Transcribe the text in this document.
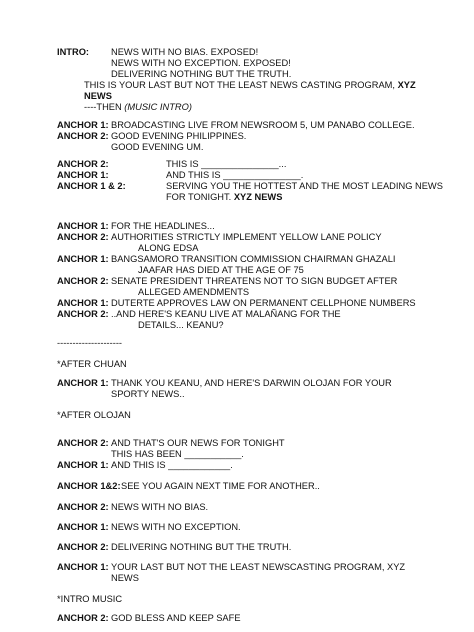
INTRO: NEWS WITH NO BIAS. EXPOSED!
NEWS WITH NO EXCEPTION. EXPOSED!
DELIVERING NOTHING BUT THE TRUTH.
THIS IS YOUR LAST BUT NOT THE LEAST NEWS CASTING PROGRAM, XYZ
NEWS
----THEN (MUSIC INTRO)
ANCHOR 1: BROADCASTING LIVE FROM NEWSROOM 5, UM PANABO COLLEGE.
ANCHOR 2: GOOD EVENING PHILIPPINES.
GOOD EVENING UM.
ANCHOR 2:	THIS IS _______________...
ANCHOR 1:	AND THIS IS _______________.
ANCHOR 1 & 2:	SERVING YOU THE HOTTEST AND THE MOST LEADING NEWS
FOR TONIGHT. XYZ NEWS
ANCHOR 1: FOR THE HEADLINES...
ANCHOR 2: AUTHORITIES STRICTLY IMPLEMENT YELLOW LANE POLICY
ALONG EDSA
ANCHOR 1: BANGSAMORO TRANSITION COMMISSION CHAIRMAN GHAZALI
JAAFAR HAS DIED AT THE AGE OF 75
ANCHOR 2: SENATE PRESIDENT THREATENS NOT TO SIGN BUDGET AFTER
ALLEGED AMENDMENTS
ANCHOR 1: DUTERTE APPROVES LAW ON PERMANENT CELLPHONE NUMBERS
ANCHOR 2: ..AND HERE'S KEANU LIVE AT MALAÑANG FOR THE
DETAILS... KEANU?
---------------------
*AFTER CHUAN
ANCHOR 1: THANK YOU KEANU, AND HERE'S DARWIN OLOJAN FOR YOUR
SPORTY NEWS..
*AFTER OLOJAN
ANCHOR 2: AND THAT'S OUR NEWS FOR TONIGHT
THIS HAS BEEN ___________.
ANCHOR 1: AND THIS IS ____________.
ANCHOR 1&2: SEE YOU AGAIN NEXT TIME FOR ANOTHER..
ANCHOR 2: NEWS WITH NO BIAS.
ANCHOR 1: NEWS WITH NO EXCEPTION.
ANCHOR 2: DELIVERING NOTHING BUT THE TRUTH.
ANCHOR 1: YOUR LAST BUT NOT THE LEAST NEWSCASTING PROGRAM, XYZ
NEWS
*INTRO MUSIC
ANCHOR 2: GOD BLESS AND KEEP SAFE
